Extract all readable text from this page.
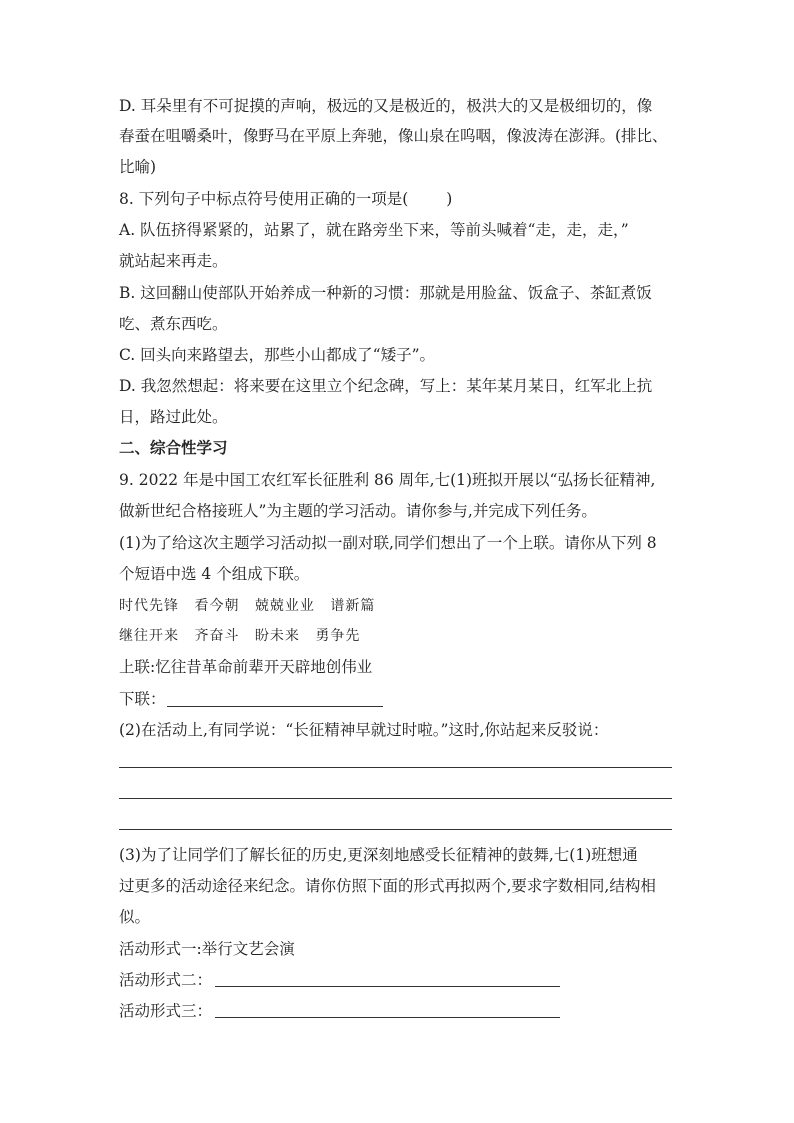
D. 耳朵里有不可捉摸的声响，极远的又是极近的，极洪大的又是极细切的，像
春蚕在咀嚼桑叶，像野马在平原上奔驰，像山泉在呜咽，像波涛在澎湃。(排比、
比喻)
8. 下列句子中标点符号使用正确的一项是( )
A. 队伍挤得紧紧的，站累了，就在路旁坐下来，等前头喊着“走，走，走，”
就站起来再走。
B. 这回翻山使部队开始养成一种新的习惯：那就是用脸盆、饭盒子、茶缸煮饭
吃、煮东西吃。
C. 回头向来路望去，那些小山都成了“矮子”。
D. 我忽然想起：将来要在这里立个纪念碑，写上：某年某月某日，红军北上抗
日，路过此处。
二、综合性学习
9. 2022 年是中国工农红军长征胜利 86 周年,七(1)班拟开展以“弘扬长征精神,
做新世纪合格接班人”为主题的学习活动。请你参与,并完成下列任务。
(1)为了给这次主题学习活动拟一副对联,同学们想出了一个上联。请你从下列 8
个短语中选 4 个组成下联。
时代先锋 看今朝 兢兢业业 谱新篇
继往开来 齐奋斗 盼未来 勇争先
上联:忆往昔革命前辈开天辟地创伟业
下联：
(2)在活动上,有同学说：“长征精神早就过时啦。”这时,你站起来反驳说：
(3)为了让同学们了解长征的历史,更深刻地感受长征精神的鼓舞,七(1)班想通
过更多的活动途径来纪念。请你仿照下面的形式再拟两个,要求字数相同,结构相
似。
活动形式一:举行文艺会演
活动形式二：
活动形式三：
